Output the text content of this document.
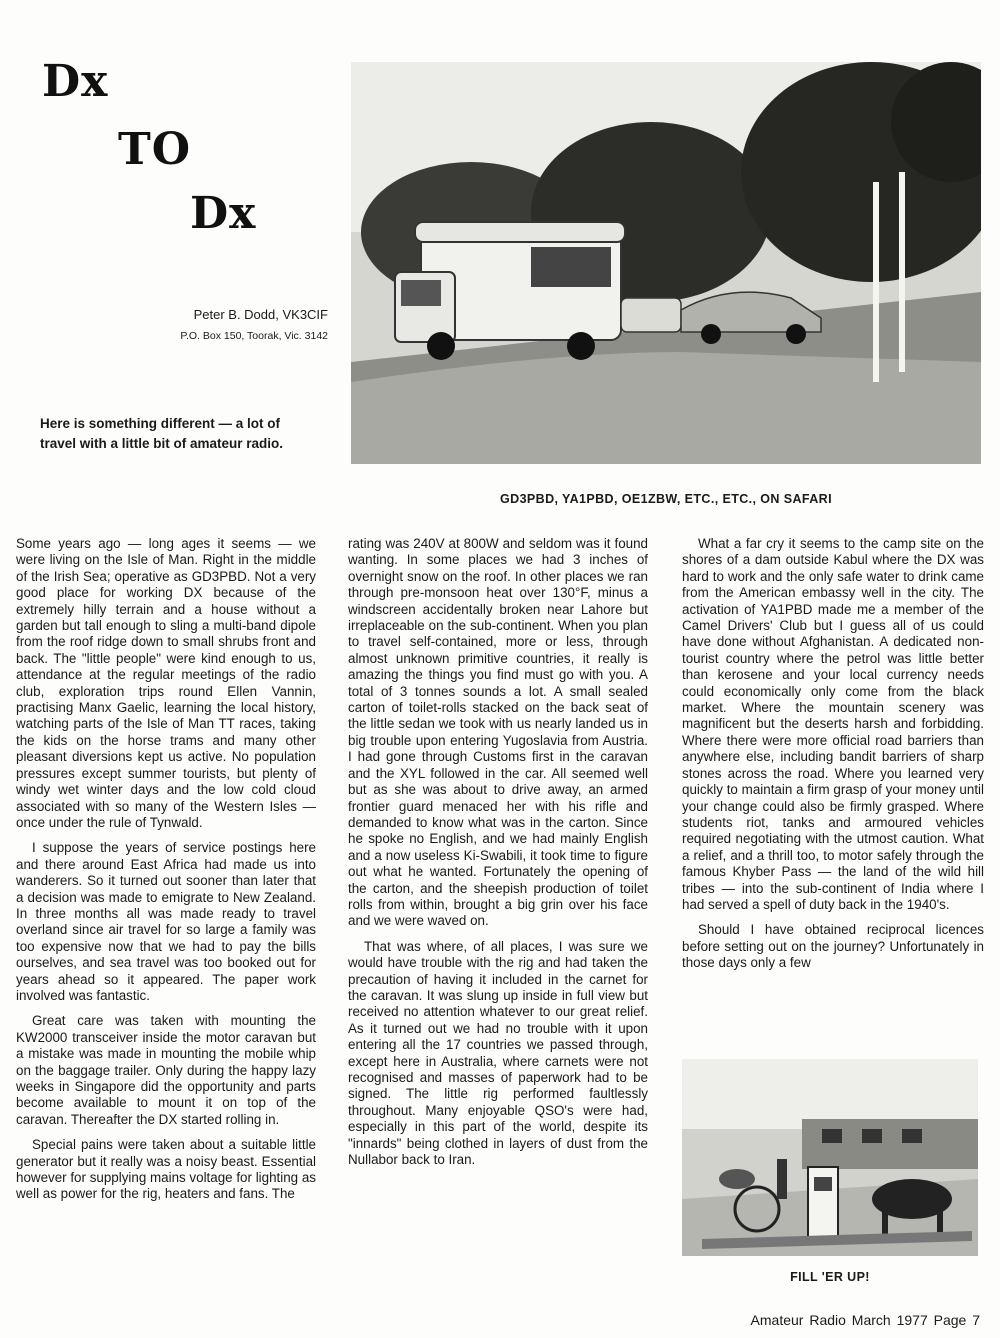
Dx
TO
Dx
Peter B. Dodd, VK3CIF
P.O. Box 150, Toorak, Vic. 3142
Here is something different — a lot of travel with a little bit of amateur radio.
GD3PBD, YA1PBD, OE1ZBW, ETC., ETC., ON SAFARI

Some years ago — long ages it seems — we were living on the Isle of Man. Right in the middle of the Irish Sea; operative as GD3PBD. Not a very good place for working DX because of the extremely hilly terrain and a house without a garden but tall enough to sling a multi-band dipole from the roof ridge down to small shrubs front and back. The "little people" were kind enough to us, attendance at the regular meetings of the radio club, exploration trips round Ellen Vannin, practising Manx Gaelic, learning the local history, watching parts of the Isle of Man TT races, taking the kids on the horse trams and many other pleasant diversions kept us active. No population pressures except summer tourists, but plenty of windy wet winter days and the low cold cloud associated with so many of the Western Isles — once under the rule of Tynwald.

I suppose the years of service postings here and there around East Africa had made us into wanderers. So it turned out sooner than later that a decision was made to emigrate to New Zealand. In three months all was made ready to travel overland since air travel for so large a family was too expensive now that we had to pay the bills ourselves, and sea travel was too booked out for years ahead so it appeared. The paper work involved was fantastic.

Great care was taken with mounting the KW2000 transceiver inside the motor caravan but a mistake was made in mounting the mobile whip on the baggage trailer. Only during the happy lazy weeks in Singapore did the opportunity and parts become available to mount it on top of the caravan. Thereafter the DX started rolling in.

Special pains were taken about a suitable little generator but it really was a noisy beast. Essential however for supplying mains voltage for lighting as well as power for the rig, heaters and fans. The

rating was 240V at 800W and seldom was it found wanting. In some places we had 3 inches of overnight snow on the roof. In other places we ran through pre-monsoon heat over 130°F, minus a windscreen accidentally broken near Lahore but irreplaceable on the sub-continent. When you plan to travel self-contained, more or less, through almost unknown primitive countries, it really is amazing the things you find must go with you. A total of 3 tonnes sounds a lot. A small sealed carton of toilet-rolls stacked on the back seat of the little sedan we took with us nearly landed us in big trouble upon entering Yugoslavia from Austria. I had gone through Customs first in the caravan and the XYL followed in the car. All seemed well but as she was about to drive away, an armed frontier guard menaced her with his rifle and demanded to know what was in the carton. Since he spoke no English, and we had mainly English and a now useless Ki-Swabili, it took time to figure out what he wanted. Fortunately the opening of the carton, and the sheepish production of toilet rolls from within, brought a big grin over his face and we were waved on.

That was where, of all places, I was sure we would have trouble with the rig and had taken the precaution of having it included in the carnet for the caravan. It was slung up inside in full view but received no attention whatever to our great relief. As it turned out we had no trouble with it upon entering all the 17 countries we passed through, except here in Australia, where carnets were not recognised and masses of paperwork had to be signed. The little rig performed faultlessly throughout. Many enjoyable QSO's were had, especially in this part of the world, despite its "innards" being clothed in layers of dust from the Nullabor back to Iran.

What a far cry it seems to the camp site on the shores of a dam outside Kabul where the DX was hard to work and the only safe water to drink came from the American embassy well in the city. The activation of YA1PBD made me a member of the Camel Drivers' Club but I guess all of us could have done without Afghanistan. A dedicated non-tourist country where the petrol was little better than kerosene and your local currency needs could economically only come from the black market. Where the mountain scenery was magnificent but the deserts harsh and forbidding. Where there were more official road barriers than anywhere else, including bandit barriers of sharp stones across the road. Where you learned very quickly to maintain a firm grasp of your money until your change could also be firmly grasped. Where students riot, tanks and armoured vehicles required negotiating with the utmost caution. What a relief, and a thrill too, to motor safely through the famous Khyber Pass — the land of the wild hill tribes — into the sub-continent of India where I had served a spell of duty back in the 1940's.

Should I have obtained reciprocal licences before setting out on the journey? Unfortunately in those days only a few

FILL 'ER UP!
Amateur Radio March 1977 Page 7
